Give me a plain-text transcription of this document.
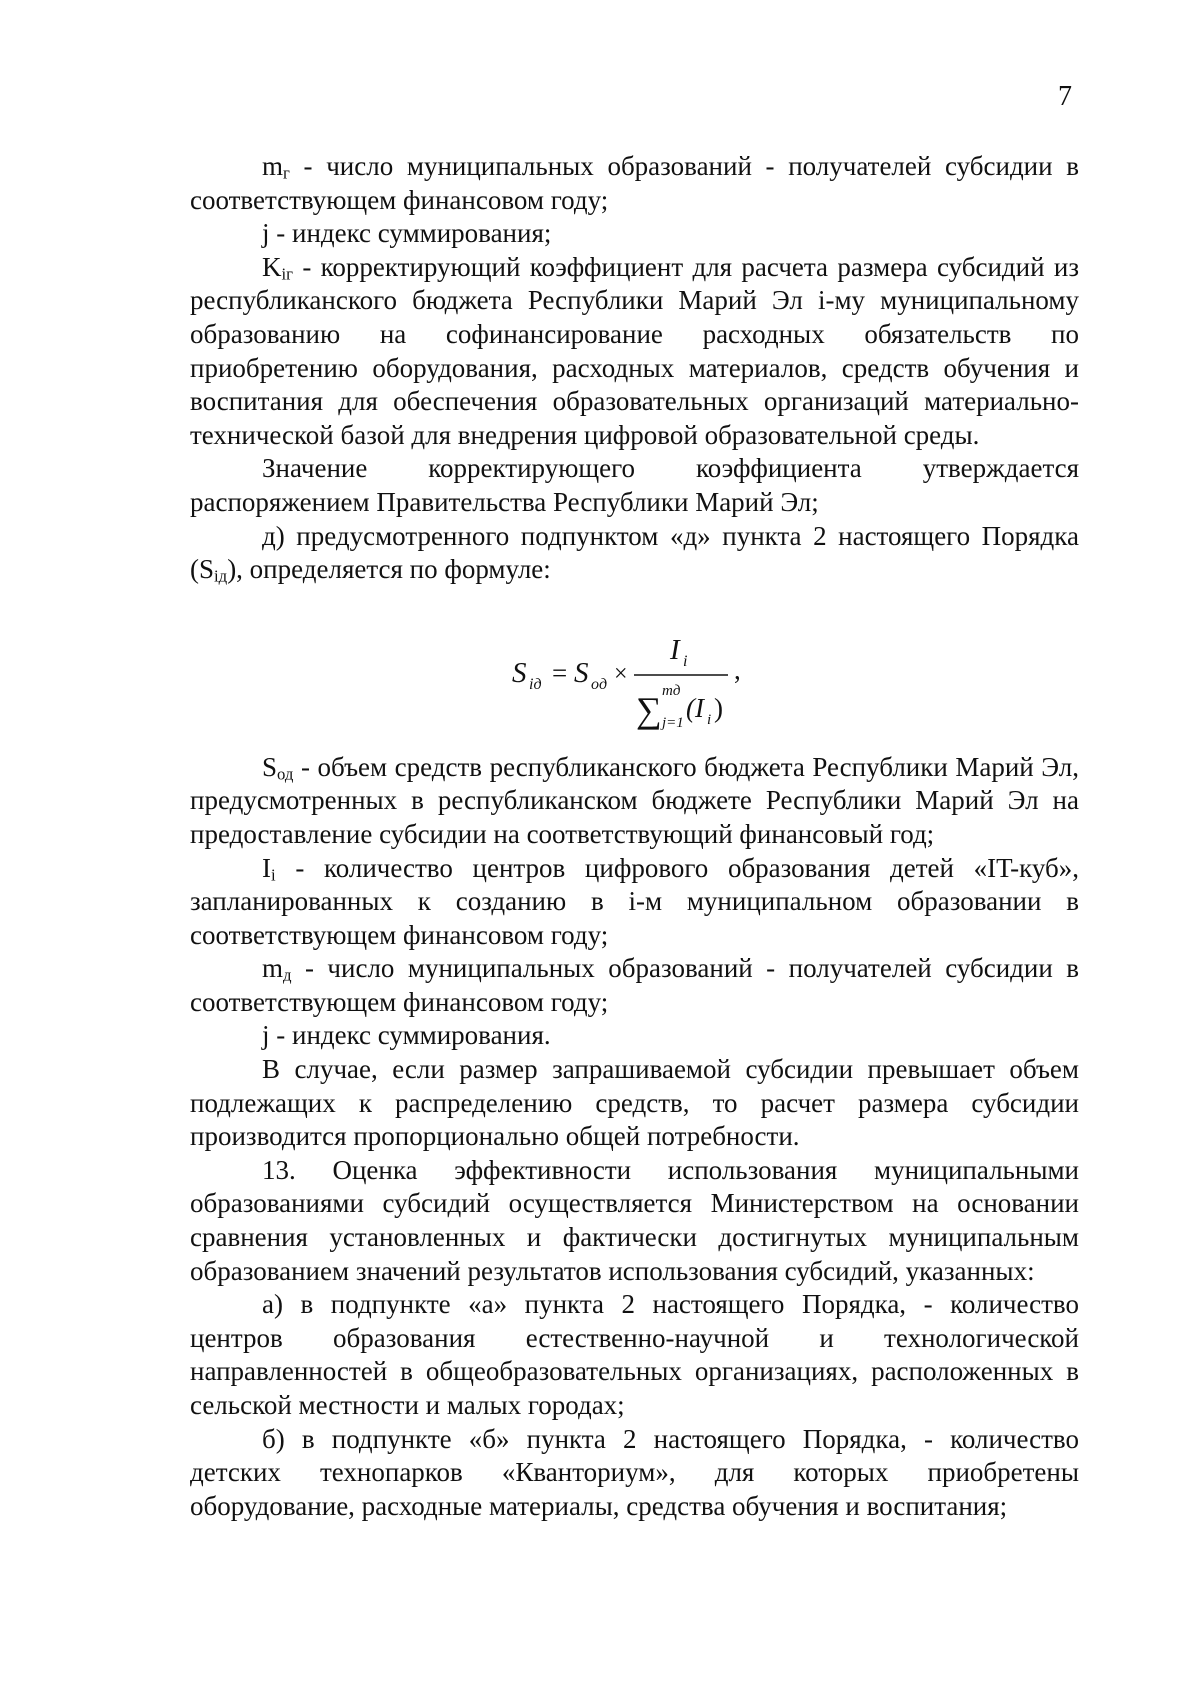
7

$m_г$ - число муниципальных образований - получателей субсидии в соответствующем финансовом году;

j - индекс суммирования;

$K_{iг}$ - корректирующий коэффициент для расчета размера субсидий из республиканского бюджета Республики Марий Эл i-му муниципальному образованию на софинансирование расходных обязательств по приобретению оборудования, расходных материалов, средств обучения и воспитания для обеспечения образовательных организаций материально-технической базой для внедрения цифровой образовательной среды.

Значение корректирующего коэффициента утверждается распоряжением Правительства Республики Марий Эл;

д) предусмотренного подпунктом «д» пункта 2 настоящего Порядка $(S_{iд})$, определяется по формуле:

S iд = S oд ×
I i
∑ mд
j=1 (I i )
,

$S_{од}$ - объем средств республиканского бюджета Республики Марий Эл, предусмотренных в республиканском бюджете Республики Марий Эл на предоставление субсидии на соответствующий финансовый год;

$I_i$ - количество центров цифрового образования детей «IT-куб», запланированных к созданию в i-м муниципальном образовании в соответствующем финансовом году;

$m_д$ - число муниципальных образований - получателей субсидии в соответствующем финансовом году;

j - индекс суммирования.

В случае, если размер запрашиваемой субсидии превышает объем подлежащих к распределению средств, то расчет размера субсидии производится пропорционально общей потребности.

13. Оценка эффективности использования муниципальными образованиями субсидий осуществляется Министерством на основании сравнения установленных и фактически достигнутых муниципальным образованием значений результатов использования субсидий, указанных:

а) в подпункте «а» пункта 2 настоящего Порядка, - количество центров образования естественно-научной и технологической направленностей в общеобразовательных организациях, расположенных в сельской местности и малых городах;

б) в подпункте «б» пункта 2 настоящего Порядка, - количество детских технопарков «Кванториум», для которых приобретены оборудование, расходные материалы, средства обучения и воспитания;
